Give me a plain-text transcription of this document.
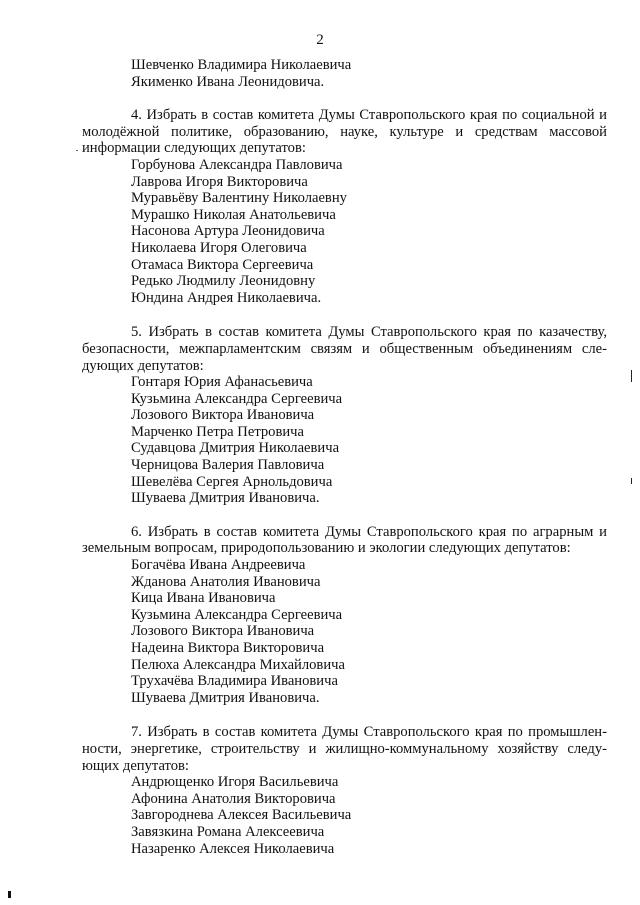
2
Шевченко Владимира Николаевича
Якименко Ивана Леонидовича.

4. Избрать в состав комитета Думы Ставропольского края по социальной и молодёжной политике, образованию, науке, культуре и средствам массовой информации следующих депутатов:

Горбунова Александра Павловича
Лаврова Игоря Викторовича
Муравьёву Валентину Николаевну
Мурашко Николая Анатольевича
Насонова Артура Леонидовича
Николаева Игоря Олеговича
Отамаса Виктора Сергеевича
Редько Людмилу Леонидовну
Юндина Андрея Николаевича.

5. Избрать в состав комитета Думы Ставропольского края по казачеству, безопасности, межпарламентским связям и общественным объединениям следующих депутатов:

Гонтаря Юрия Афанасьевича
Кузьмина Александра Сергеевича
Лозового Виктора Ивановича
Марченко Петра Петровича
Судавцова Дмитрия Николаевича
Черницова Валерия Павловича
Шевелёва Сергея Арнольдовича
Шуваева Дмитрия Ивановича.

6. Избрать в состав комитета Думы Ставропольского края по аграрным и земельным вопросам, природопользованию и экологии следующих депутатов:

Богачёва Ивана Андреевича
Жданова Анатолия Ивановича
Кица Ивана Ивановича
Кузьмина Александра Сергеевича
Лозового Виктора Ивановича
Надеина Виктора Викторовича
Пелюха Александра Михайловича
Трухачёва Владимира Ивановича
Шуваева Дмитрия Ивановича.

7. Избрать в состав комитета Думы Ставропольского края по промышленности, энергетике, строительству и жилищно-коммунальному хозяйству следующих депутатов:

Андрющенко Игоря Васильевича
Афонина Анатолия Викторовича
Завгороднева Алексея Васильевича
Завязкина Романа Алексеевича
Назаренко Алексея Николаевича
